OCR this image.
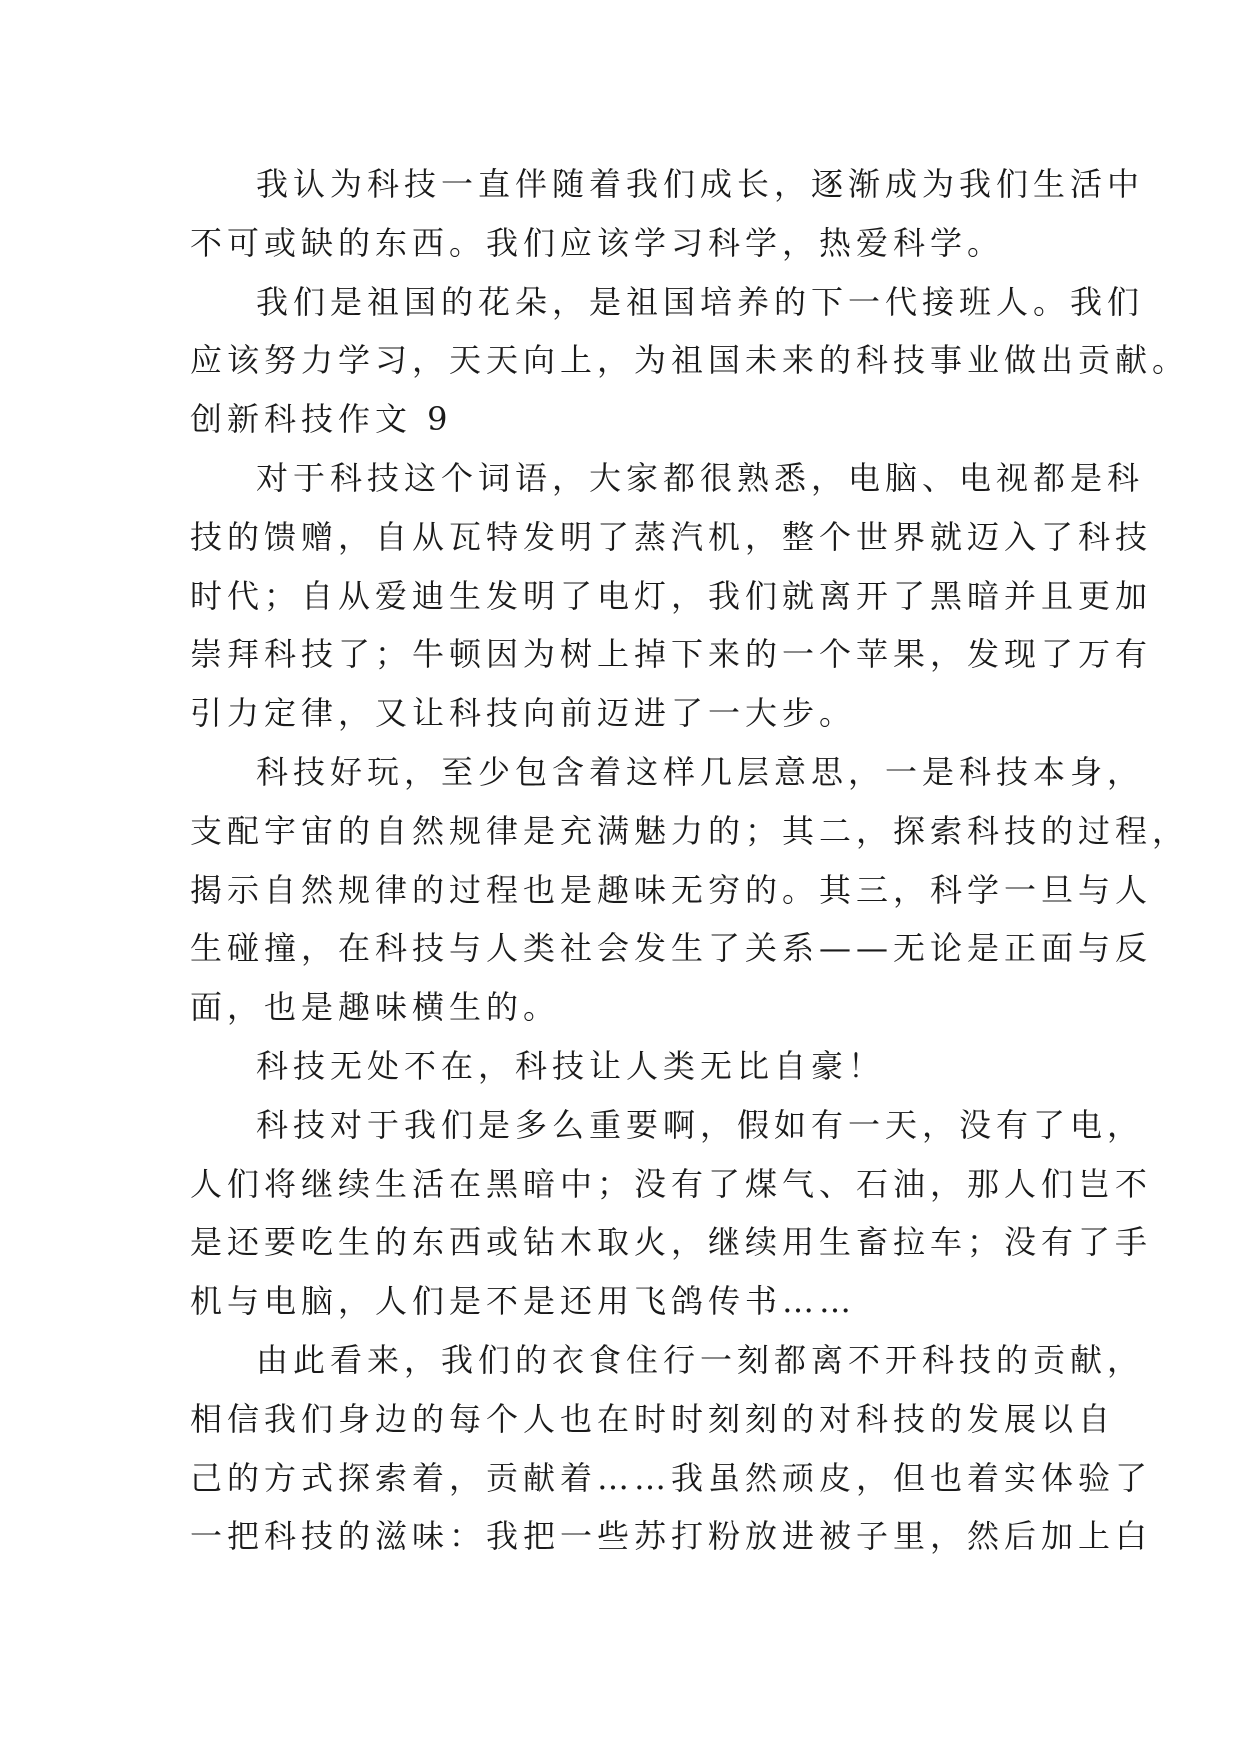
我认为科技一直伴随着我们成长，逐渐成为我们生活中
不可或缺的东西。我们应该学习科学，热爱科学。
我们是祖国的花朵，是祖国培养的下一代接班人。我们
应该努力学习，天天向上，为祖国未来的科技事业做出贡献。
创新科技作文 9
对于科技这个词语，大家都很熟悉，电脑、电视都是科
技的馈赠，自从瓦特发明了蒸汽机，整个世界就迈入了科技
时代；自从爱迪生发明了电灯，我们就离开了黑暗并且更加
崇拜科技了；牛顿因为树上掉下来的一个苹果，发现了万有
引力定律，又让科技向前迈进了一大步。
科技好玩，至少包含着这样几层意思，一是科技本身，
支配宇宙的自然规律是充满魅力的；其二，探索科技的过程，
揭示自然规律的过程也是趣味无穷的。其三，科学一旦与人
生碰撞，在科技与人类社会发生了关系——无论是正面与反
面，也是趣味横生的。
科技无处不在，科技让人类无比自豪！
科技对于我们是多么重要啊，假如有一天，没有了电，
人们将继续生活在黑暗中；没有了煤气、石油，那人们岂不
是还要吃生的东西或钻木取火，继续用生畜拉车；没有了手
机与电脑，人们是不是还用飞鸽传书……
由此看来，我们的衣食住行一刻都离不开科技的贡献，
相信我们身边的每个人也在时时刻刻的对科技的发展以自
己的方式探索着，贡献着……我虽然顽皮，但也着实体验了
一把科技的滋味：我把一些苏打粉放进被子里，然后加上白
